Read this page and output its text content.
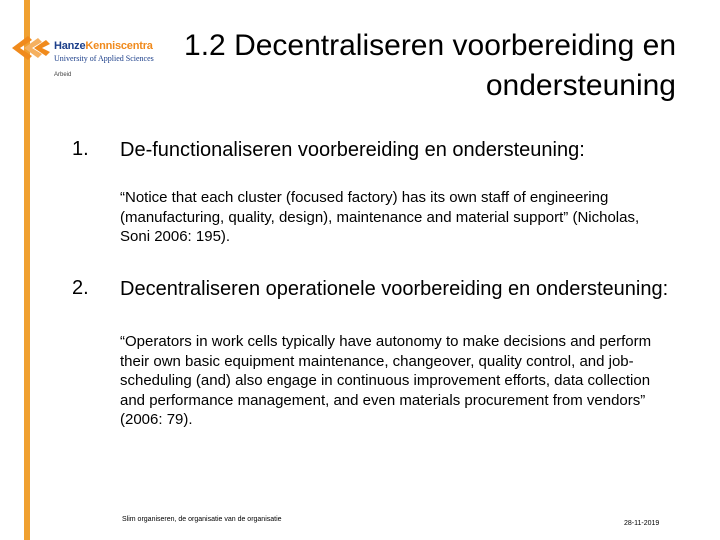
HanzeKenniscentra
University of Applied Sciences
Arbeid
1.2 Decentraliseren voorbereiding en ondersteuning
1. De-functionaliseren voorbereiding en ondersteuning:
“Notice that each cluster (focused factory) has its own staff of engineering (manufacturing, quality, design), maintenance and material support” (Nicholas, Soni 2006: 195).
2. Decentraliseren operationele voorbereiding en ondersteuning:
“Operators in work cells typically have autonomy to make decisions and perform their own basic equipment maintenance, changeover, quality control, and job-scheduling (and) also engage in continuous improvement efforts, data collection and performance management, and even materials procurement from vendors” (2006: 79).
Slim organiseren, de organisatie van de organisatie
28-11-2019
